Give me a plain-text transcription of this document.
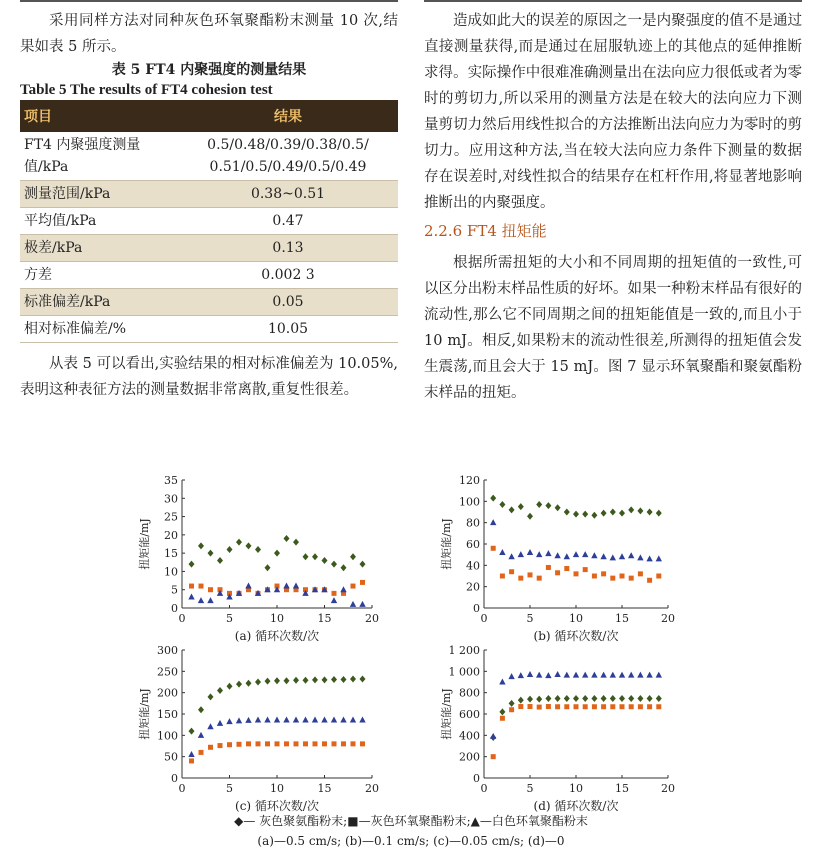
采用同样方法对同种灰色环氧聚酯粉末测量 10 次,结果如表 5 所示。

表 5 FT4 内聚强度的测量结果
Table 5 The results of FT4 cohesion test
项目	结果
FT4 内聚强度测量值/kPa	0.5/0.48/0.39/0.38/0.5/ 0.51/0.5/0.49/0.5/0.49
测量范围/kPa	0.38~0.51
平均值/kPa	0.47
极差/kPa	0.13
方差	0.002 3
标准偏差/kPa	0.05
相对标准偏差/%	10.05

从表 5 可以看出,实验结果的相对标准偏差为 10.05%,表明这种表征方法的测量数据非常离散,重复性很差。

造成如此大的误差的原因之一是内聚强度的值不是通过直接测量获得,而是通过在屈服轨迹上的其他点的延伸推断求得。实际操作中很难准确测量出在法向应力很低或者为零时的剪切力,所以采用的测量方法是在较大的法向应力下测量剪切力然后用线性拟合的方法推断出法向应力为零时的剪切力。应用这种方法,当在较大法向应力条件下测量的数据存在误差时,对线性拟合的结果存在杠杆作用,将显著地影响推断出的内聚强度。

2.2.6 FT4 扭矩能

根据所需扭矩的大小和不同周期的扭矩值的一致性,可以区分出粉末样品性质的好坏。如果一种粉末样品有很好的流动性,那么它不同周期之间的扭矩能值是一致的,而且小于 10 mJ。相反,如果粉末的流动性很差,所测得的扭矩值会发生震荡,而且会大于 15 mJ。图 7 显示环氧聚酯和聚氨酯粉末样品的扭矩。

0	5	10	15	20
0
5
10
15
20
25
30
35
扭矩能/mJ
(a) 循环次数/次
0	5	10	15	20
0
20
40
60
80
100
120
扭矩能/mJ
(b) 循环次数/次
0	5	10	15	20
0
50
100
150
200
250
300
扭矩能/mJ
(c) 循环次数/次
0	5	10	15	20
0
200
400
600
800
1 000
1 200
扭矩能/mJ
(d) 循环次数/次
◆— 灰色聚氨酯粉末;■—灰色环氧聚酯粉末;▲—白色环氧聚酯粉末
(a)—0.5 cm/s; (b)—0.1 cm/s; (c)—0.05 cm/s; (d)—0
